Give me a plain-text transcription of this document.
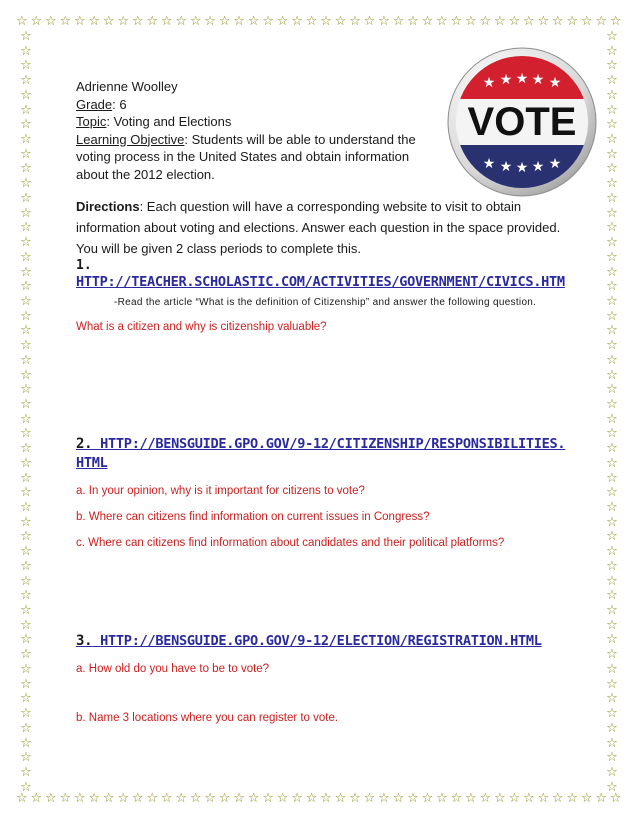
☆ ☆ ☆ ☆ ☆ ☆ ☆ ☆ ☆ ☆ ☆ ☆ ☆ ☆ ☆ ☆ ☆ ☆ ☆ ☆ ☆ ☆ ☆ ☆ ☆ ☆ ☆ ☆ ☆ ☆ ☆ ☆ ☆ ☆ ☆ ☆ ☆ ☆ ☆ ☆ ☆ ☆
☆ ☆ ☆ ☆ ☆ ☆ ☆ ☆ ☆ ☆ ☆ ☆ ☆ ☆ ☆ ☆ ☆ ☆ ☆ ☆ ☆ ☆ ☆ ☆ ☆ ☆ ☆ ☆ ☆ ☆ ☆ ☆ ☆ ☆ ☆ ☆ ☆ ☆ ☆ ☆ ☆ ☆
☆
☆
☆
☆
☆
☆
☆
☆
☆
☆
☆
☆
☆
☆
☆
☆
☆
☆
☆
☆
☆
☆
☆
☆
☆
☆
☆
☆
☆
☆
☆
☆
☆
☆
☆
☆
☆
☆
☆
☆
☆
☆
☆
☆
☆
☆
☆
☆
☆
☆
☆
☆
☆
☆
☆
☆
☆
☆
☆
☆
☆
☆
☆
☆
☆
☆
☆
☆
☆
☆
☆
☆
☆
☆
☆
☆
☆
☆
☆
☆
☆
☆
☆
☆
☆
☆
☆
☆
☆
☆
☆
☆
☆
☆
☆
☆
☆
☆
☆
☆
☆
☆
☆
☆
Adrienne Woolley
Grade: 6
Topic: Voting and Elections
Learning Objective: Students will be able to understand the voting process in the United States and obtain information about the 2012 election.
★ ★ ★ ★ ★
★ ★ ★ ★ ★
VOTE
Directions: Each question will have a corresponding website to visit to obtain information about voting and elections. Answer each question in the space provided. You will be given 2 class periods to complete this.
1.
HTTP://TEACHER.SCHOLASTIC.COM/ACTIVITIES/GOVERNMENT/CIVICS.HTM
-Read the article “What is the definition of Citizenship” and answer the following question.
What is a citizen and why is citizenship valuable?
2. HTTP://BENSGUIDE.GPO.GOV/9-12/CITIZENSHIP/RESPONSIBILITIES.HTML
a. In your opinion, why is it important for citizens to vote?
b. Where can citizens find information on current issues in Congress?
c. Where can citizens find information about candidates and their political platforms?
3. HTTP://BENSGUIDE.GPO.GOV/9-12/ELECTION/REGISTRATION.HTML
a. How old do you have to be to vote?
b. Name 3 locations where you can register to vote.
